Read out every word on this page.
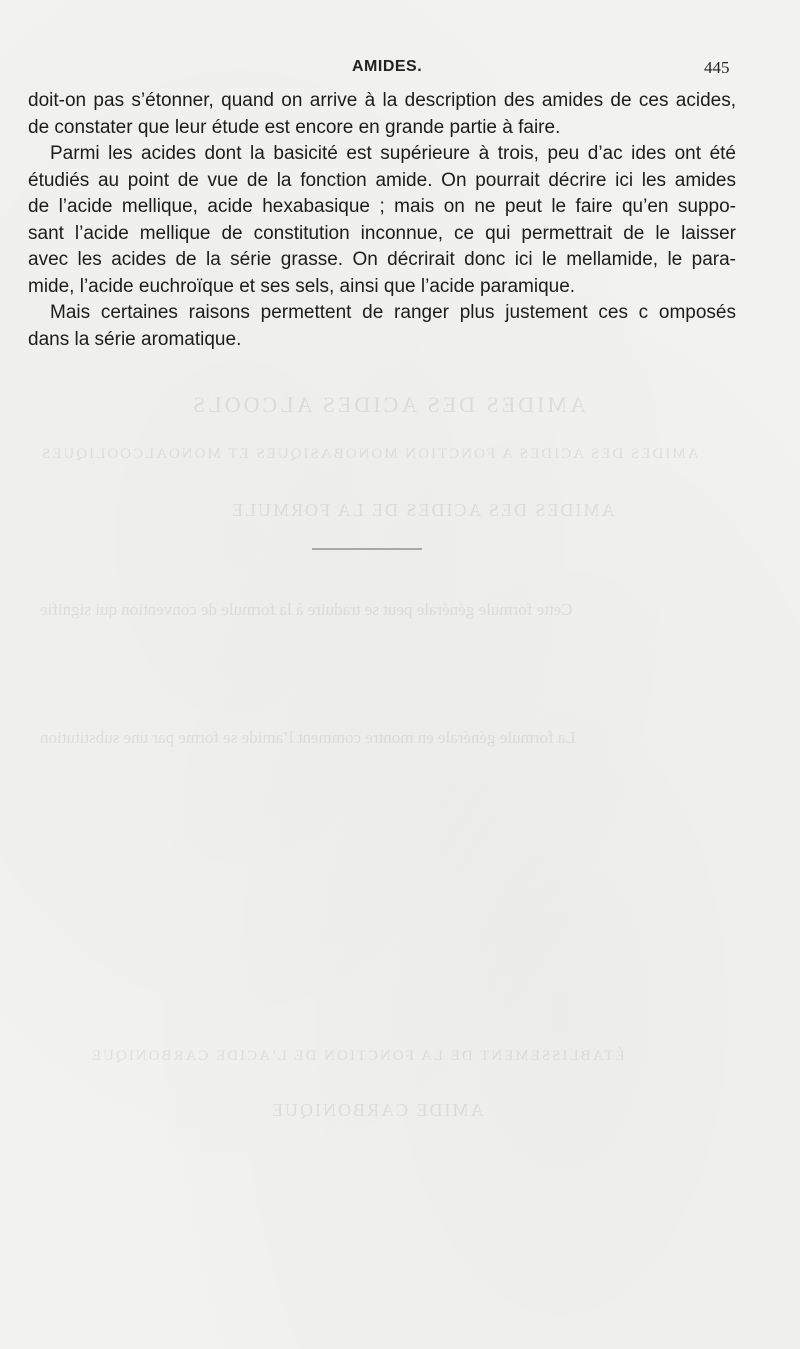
AMIDES DES ACIDES ALCOOLS
AMIDES DES ACIDES A FONCTION MONOBASIQUES ET MONOALCOOLIQUES
AMIDES DES ACIDES DE LA FORMULE
Cette formule générale peut se traduire à la formule de convention qui signifie
La formule générale en montre comment l’amide se forme par une substitution
ÉTABLISSEMENT DE LA FONCTION DE L’ACIDE CARBONIQUE
AMIDE CARBONIQUE
AMIDES.	445

doit-on pas s’étonner, quand on arrive à la description des amides de ces acides,
de constater que leur étude est encore en grande partie à faire.

Parmi les acides dont la basicité est supérieure à trois, peu d’ac ides ont été
étudiés au point de vue de la fonction amide. On pourrait décrire ici les amides
de l’acide mellique, acide hexabasique ; mais on ne peut le faire qu’en suppo-
sant l’acide mellique de constitution inconnue, ce qui permettrait de le laisser
avec les acides de la série grasse. On décrirait donc ici le mellamide, le para-
mide, l’acide euchroïque et ses sels, ainsi que l’acide paramique.

Mais certaines raisons permettent de ranger plus justement ces c omposés
dans la série aromatique.
